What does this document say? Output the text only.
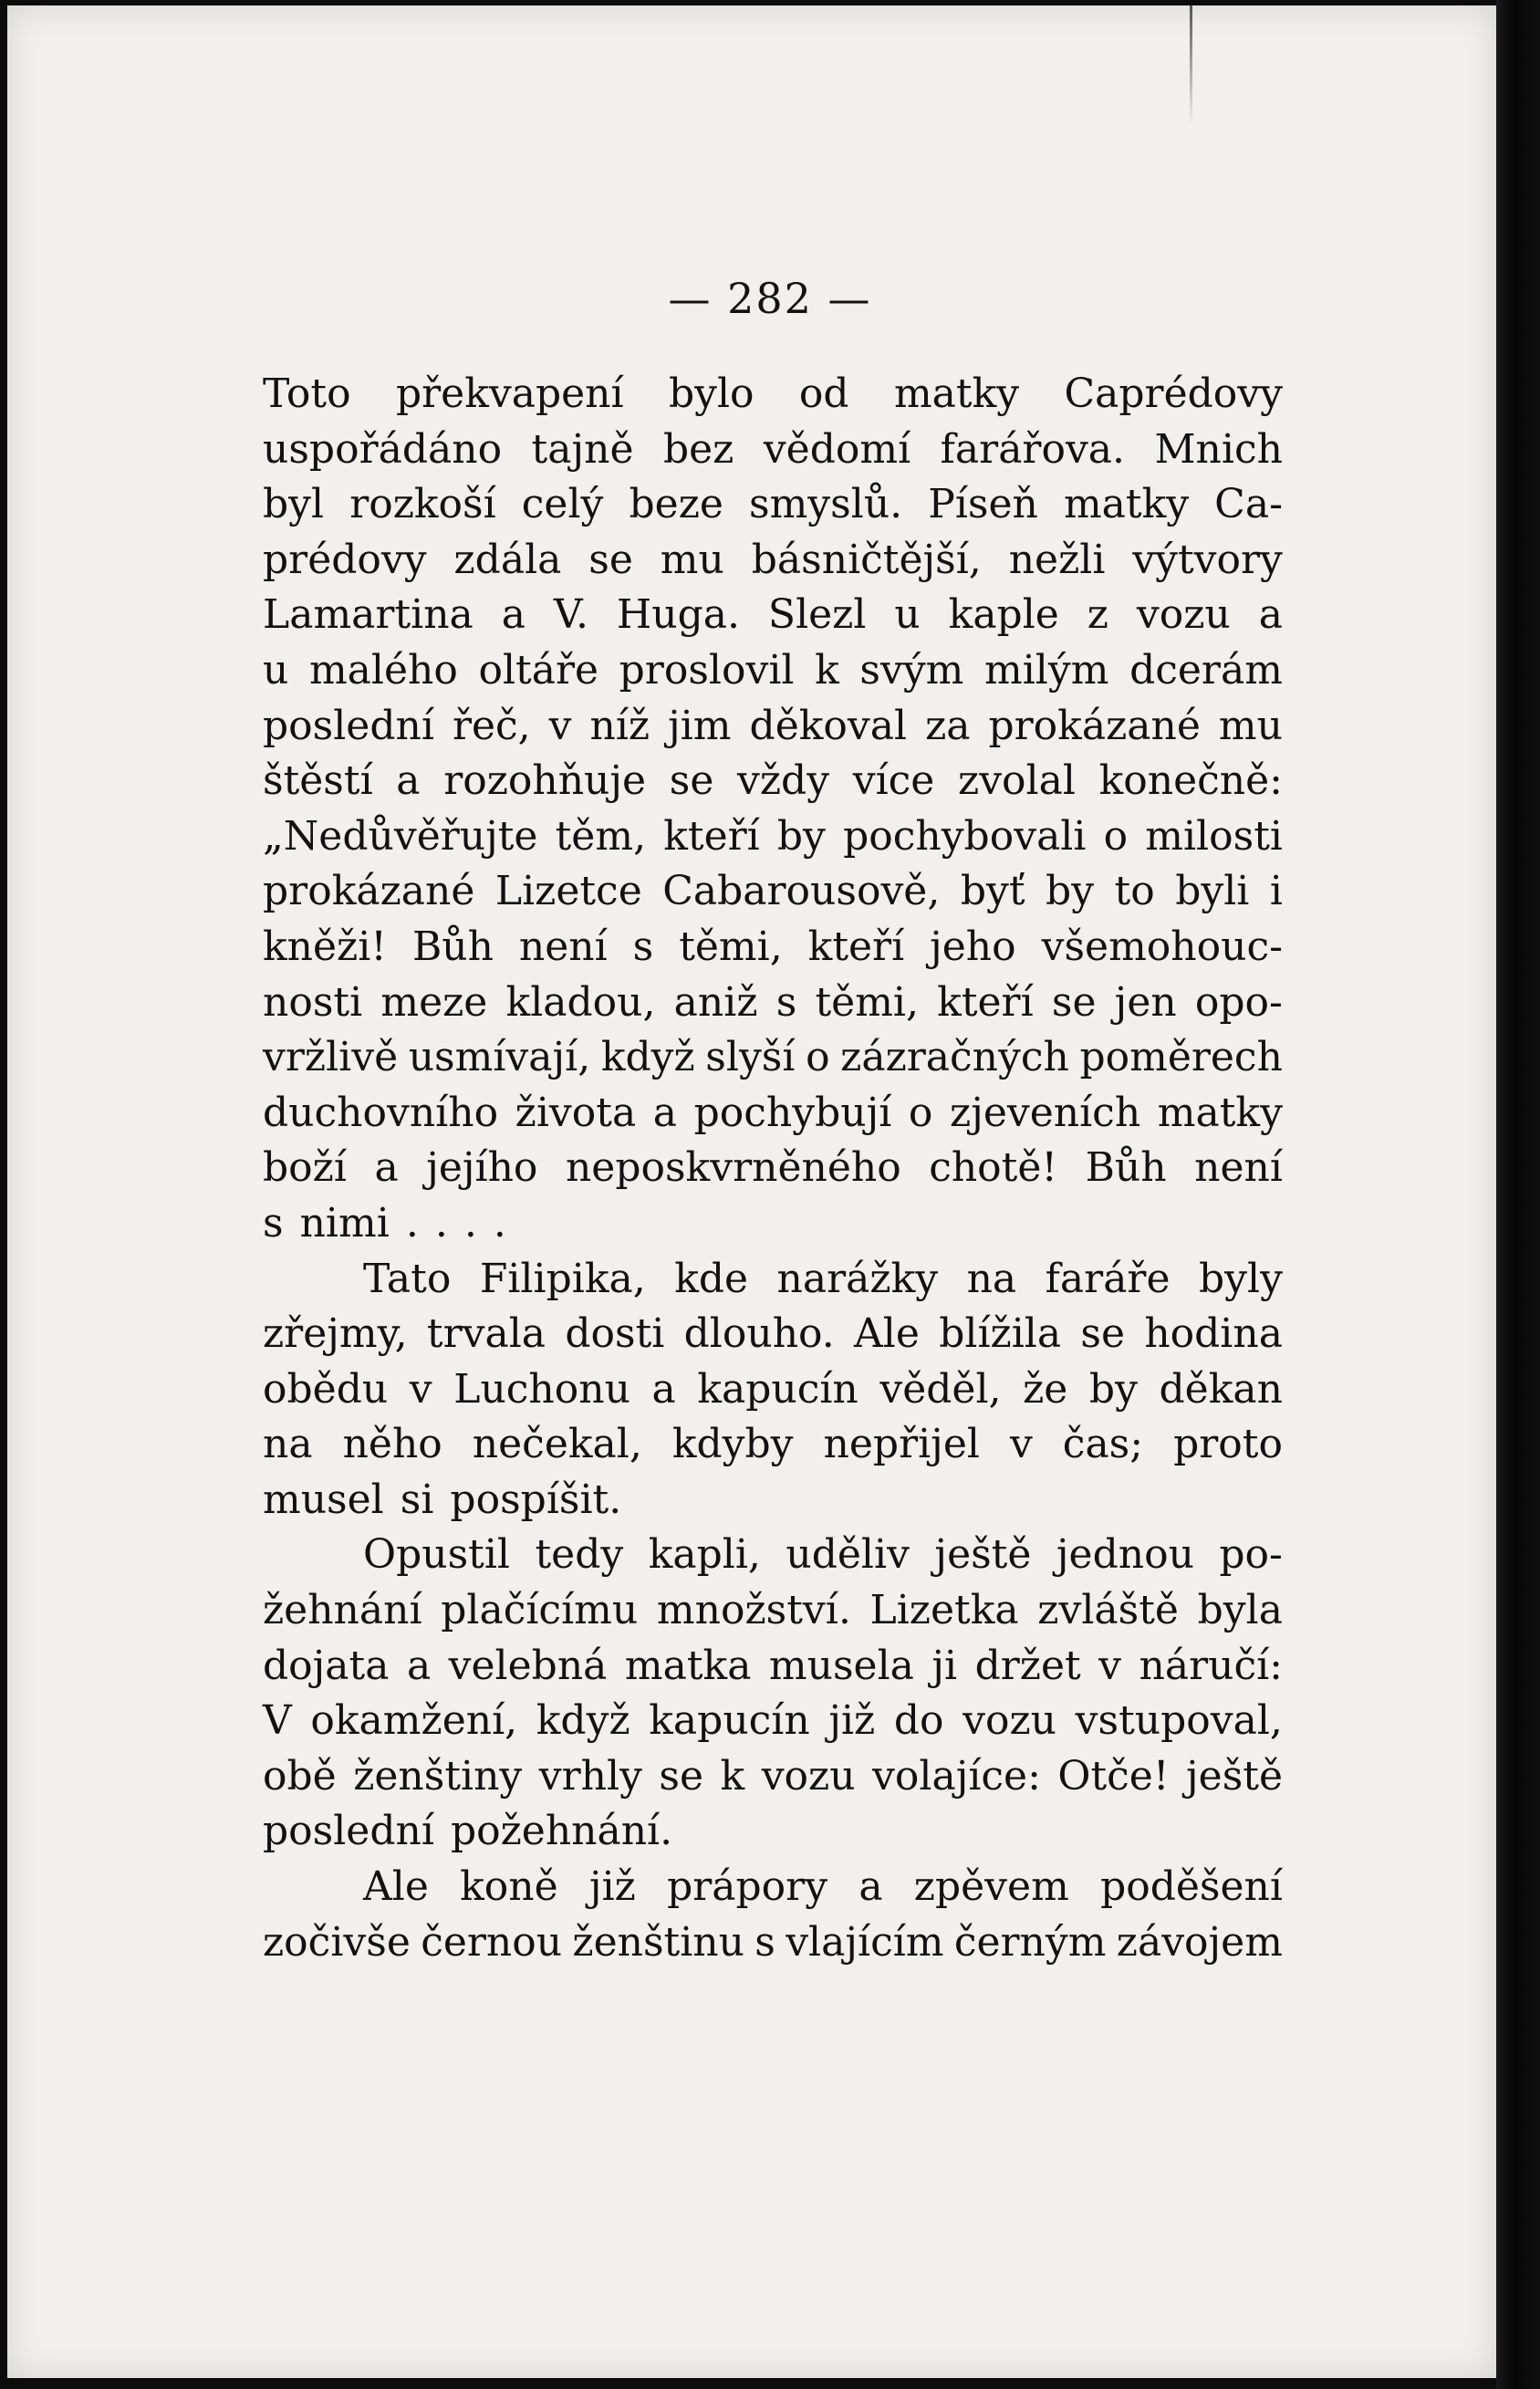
— 282 —
Toto překvapení bylo od matky Caprédovy
uspořádáno tajně bez vědomí farářova. Mnich
byl rozkoší celý beze smyslů. Píseň matky Ca-
prédovy zdála se mu básničtější, nežli výtvory
Lamartina a V. Huga. Slezl u kaple z vozu a
u malého oltáře proslovil k svým milým dcerám
poslední řeč, v níž jim děkoval za prokázané mu
štěstí a rozohňuje se vždy více zvolal konečně:
„Nedůvěřujte těm, kteří by pochybovali o milosti
prokázané Lizetce Cabarousově, byť by to byli i
kněži! Bůh není s těmi, kteří jeho všemohouc-
nosti meze kladou, aniž s těmi, kteří se jen opo-
vržlivě usmívají, když slyší o zázračných poměrech
duchovního života a pochybují o zjeveních matky
boží a jejího neposkvrněného chotě! Bůh není
s nimi . . . .
Tato Filipika, kde narážky na faráře byly
zřejmy, trvala dosti dlouho. Ale blížila se hodina
obědu v Luchonu a kapucín věděl, že by děkan
na něho nečekal, kdyby nepřijel v čas; proto
musel si pospíšit.
Opustil tedy kapli, uděliv ještě jednou po-
žehnání plačícímu množství. Lizetka zvláště byla
dojata a velebná matka musela ji držet v náručí:
V okamžení, když kapucín již do vozu vstupoval,
obě ženštiny vrhly se k vozu volajíce: Otče! ještě
poslední požehnání.
Ale koně již prápory a zpěvem poděšení
zočivše černou ženštinu s vlajícím černým závojem
